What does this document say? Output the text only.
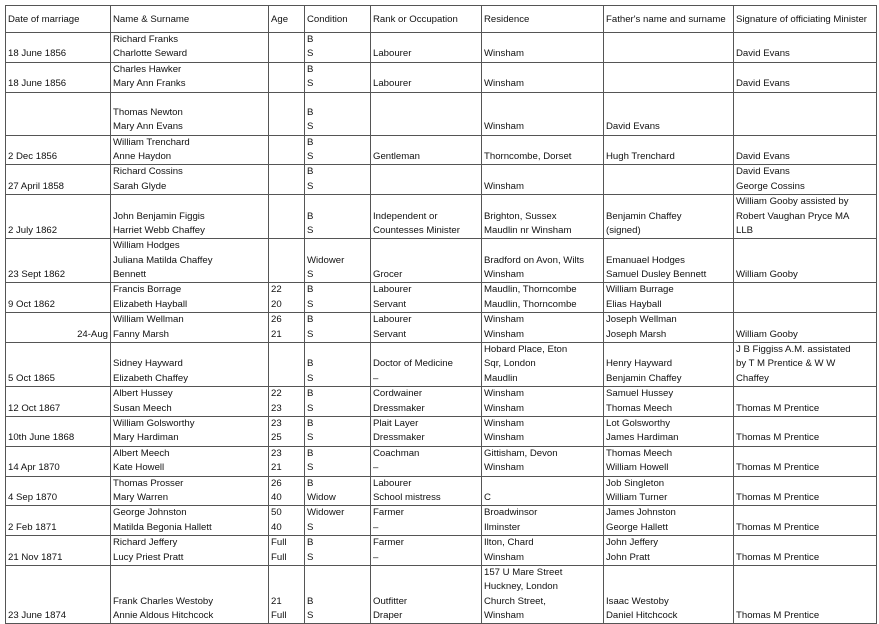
Date of marriage	Name & Surname	Age	Condition	Rank or Occupation	Residence	Father's name and surname	Signature of officiating Minister

18 June 1856	Richard Franks
Charlotte Seward		B
S	Labourer	Winsham		David Evans

18 June 1856	Charles Hawker
Mary Ann Franks		B
S	Labourer	Winsham		David Evans

	Thomas Newton
Mary Ann Evans		B
S		Winsham	David Evans	

2 Dec 1856	William Trenchard
Anne Haydon		B
S	Gentleman	Thorncombe, Dorset	Hugh Trenchard	David Evans

27 April 1858	Richard Cossins
Sarah Glyde		B
S		Winsham		David Evans
George Cossins

2 July 1862	John Benjamin Figgis
Harriet Webb Chaffey		B
S	Independent or
Countesses Minister	Brighton, Sussex
Maudlin nr Winsham	Benjamin Chaffey
(signed)	William Gooby assisted by
Robert Vaughan Pryce MA
LLB

23 Sept 1862	William Hodges
Juliana Matilda Chaffey
Bennett		Widower
S	Grocer	Bradford on Avon, Wilts
Winsham	Emanuael Hodges
Samuel Dusley Bennett	William Gooby

9 Oct 1862	Francis Borrage
Elizabeth Hayball	22
20	B
S	Labourer
Servant	Maudlin, Thorncombe
Maudlin, Thorncombe	William Burrage
Elias Hayball	

24-Aug	William Wellman
Fanny Marsh	26
21	B
S	Labourer
Servant	Winsham
Winsham	Joseph Wellman
Joseph Marsh	William Gooby

5 Oct 1865	Sidney Hayward
Elizabeth Chaffey		B
S	Doctor of Medicine
–	Hobard Place, Eton
Sqr, London
Maudlin	Henry Hayward
Benjamin Chaffey	J B Figgiss A.M. assistated
by T M Prentice & W W
Chaffey

12 Oct 1867	Albert Hussey
Susan Meech	22
23	B
S	Cordwainer
Dressmaker	Winsham
Winsham	Samuel Hussey
Thomas Meech	Thomas M Prentice

10th June 1868	William Golsworthy
Mary Hardiman	23
25	B
S	Plait Layer
Dressmaker	Winsham
Winsham	Lot Golsworthy
James Hardiman	Thomas M Prentice

14 Apr 1870	Albert Meech
Kate Howell	23
21	B
S	Coachman
–	Gittisham, Devon
Winsham	Thomas Meech
William Howell	Thomas M Prentice

4 Sep 1870	Thomas Prosser
Mary Warren	26
40	B
Widow	Labourer
School mistress	C	Job Singleton
William Turner	Thomas M Prentice

2 Feb 1871	George Johnston
Matilda Begonia Hallett	50
40	Widower
S	Farmer
–	Broadwinsor
Ilminster	James Johnston
George Hallett	Thomas M Prentice

21 Nov 1871	Richard Jeffery
Lucy Priest Pratt	Full
Full	B
S	Farmer
–	Ilton, Chard
Winsham	John Jeffery
John Pratt	Thomas M Prentice

23 June 1874	Frank Charles Westoby
Annie Aldous Hitchcock	21
Full	B
S	Outfitter
Draper	157 U Mare Street
Huckney, London
Church Street,
Winsham	Isaac Westoby
Daniel Hitchcock	Thomas M Prentice
